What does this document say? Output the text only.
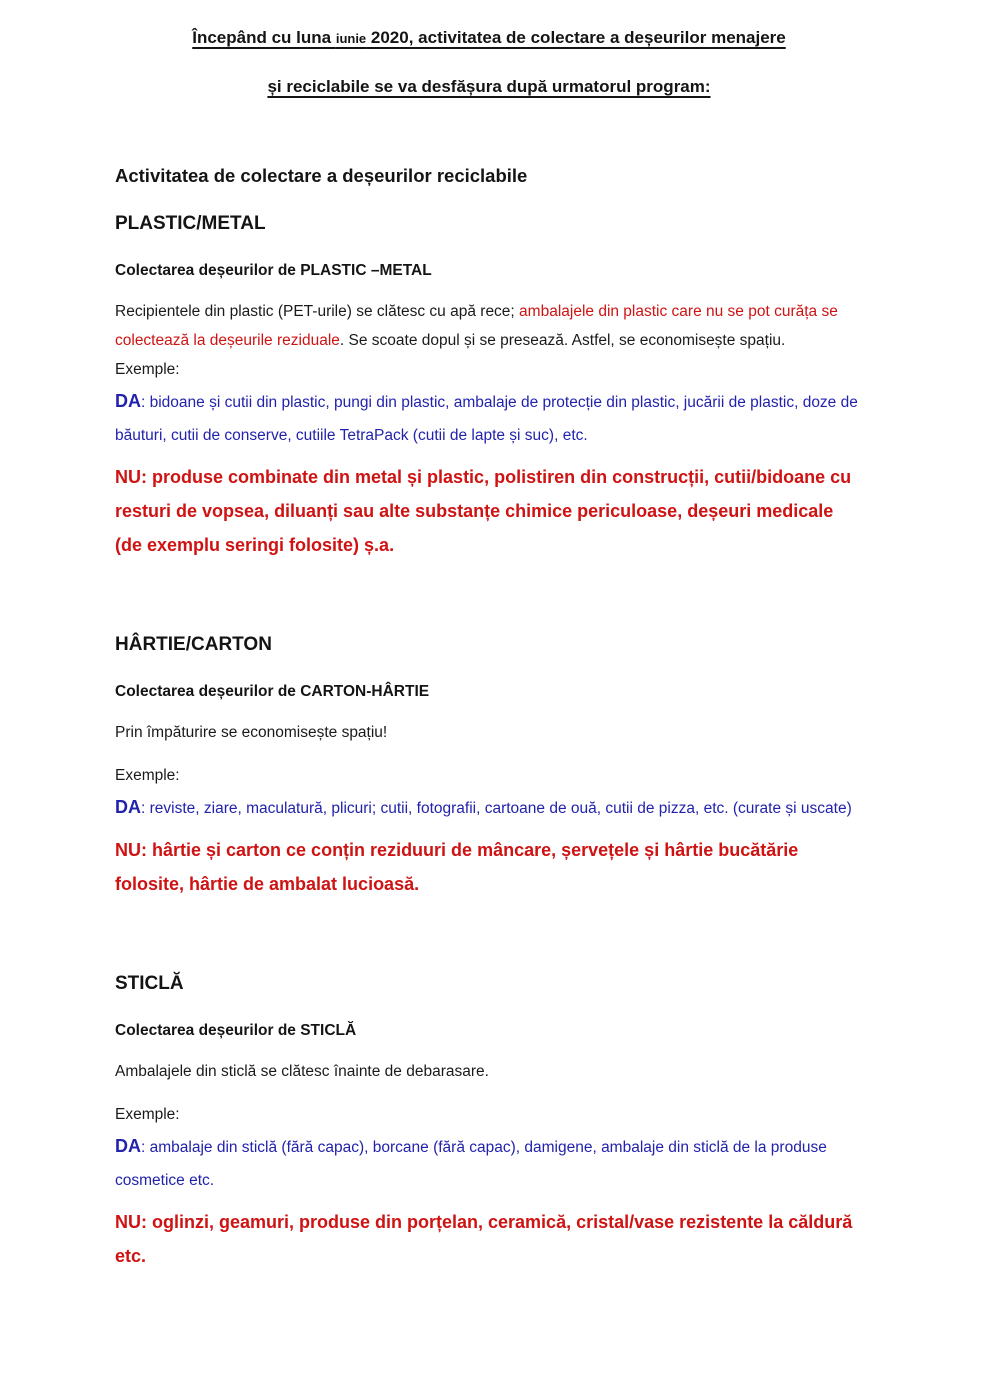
Începând cu luna iunie 2020, activitatea de colectare a deșeurilor menajere
și reciclabile se va desfășura după urmatorul program:
Activitatea de colectare a deșeurilor reciclabile
PLASTIC/METAL
Colectarea deșeurilor de PLASTIC –METAL

Recipientele din plastic (PET-urile) se clătesc cu apă rece; ambalajele din plastic care nu se pot curăța se colectează la deșeurile reziduale. Se scoate dopul și se presează. Astfel, se economisește spațiu.

Exemple:

DA: bidoane și cutii din plastic, pungi din plastic, ambalaje de protecție din plastic, jucării de plastic, doze de băuturi, cutii de conserve, cutiile TetraPack (cutii de lapte și suc), etc.

NU: produse combinate din metal și plastic, polistiren din construcții, cutii/bidoane cu resturi de vopsea, diluanți sau alte substanțe chimice periculoase, deșeuri medicale (de exemplu seringi folosite) ș.a.

HÂRTIE/CARTON
Colectarea deșeurilor de CARTON-HÂRTIE

Prin împăturire se economisește spațiu!

Exemple:

DA: reviste, ziare, maculatură, plicuri; cutii, fotografii, cartoane de ouă, cutii de pizza, etc. (curate și uscate)

NU: hârtie și carton ce conțin reziduuri de mâncare, șervețele și hârtie bucătărie folosite, hârtie de ambalat lucioasă.

STICLĂ
Colectarea deșeurilor de STICLĂ

Ambalajele din sticlă se clătesc înainte de debarasare.

Exemple:

DA: ambalaje din sticlă (fără capac), borcane (fără capac), damigene, ambalaje din sticlă de la produse cosmetice etc.

NU: oglinzi, geamuri, produse din porțelan, ceramică, cristal/vase rezistente la căldură etc.
